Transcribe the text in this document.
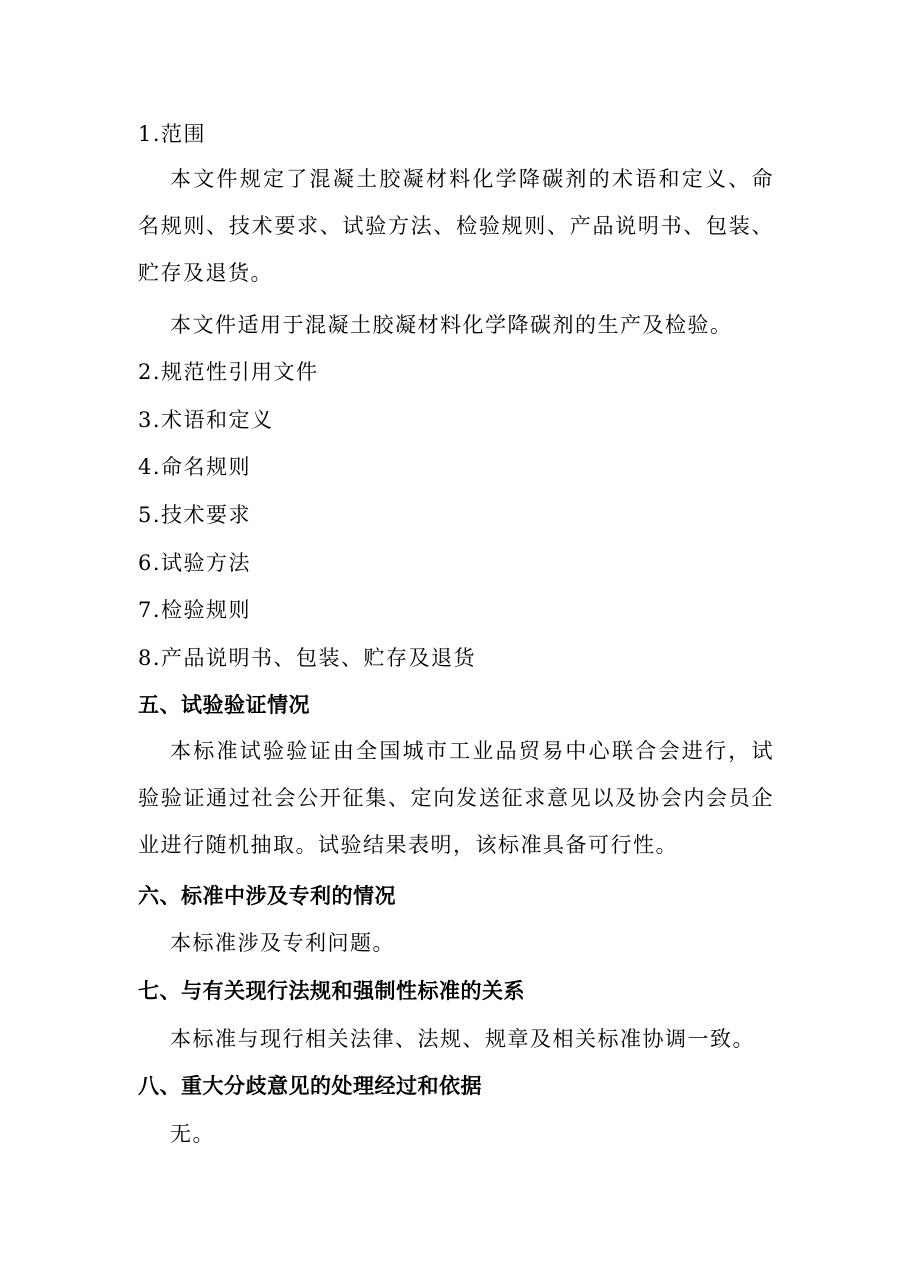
1.范围
本文件规定了混凝土胶凝材料化学降碳剂的术语和定义、命名规则、技术要求、试验方法、检验规则、产品说明书、包装、贮存及退货。
本文件适用于混凝土胶凝材料化学降碳剂的生产及检验。
2.规范性引用文件
3.术语和定义
4.命名规则
5.技术要求
6.试验方法
7.检验规则
8.产品说明书、包装、贮存及退货
五、试验验证情况
本标准试验验证由全国城市工业品贸易中心联合会进行，试验验证通过社会公开征集、定向发送征求意见以及协会内会员企业进行随机抽取。试验结果表明，该标准具备可行性。
六、标准中涉及专利的情况
本标准涉及专利问题。
七、与有关现行法规和强制性标准的关系
本标准与现行相关法律、法规、规章及相关标准协调一致。
八、重大分歧意见的处理经过和依据
无。
